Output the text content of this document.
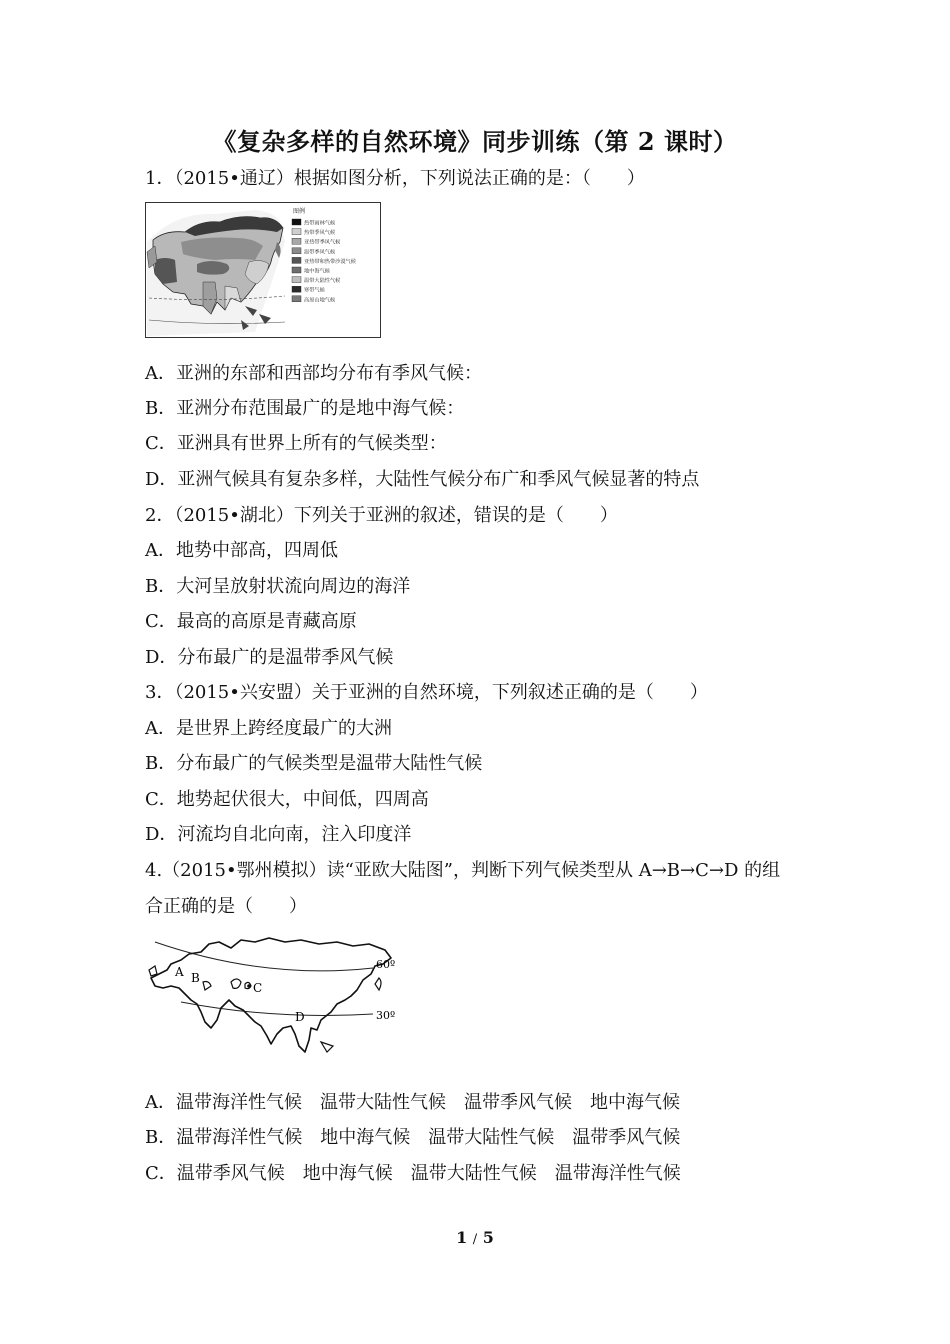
《复杂多样的自然环境》同步训练（第 2 课时）
1．（2015•通辽）根据如图分析，下列说法正确的是：（　　）
图例
热带雨林气候
热带季风气候
亚热带季风气候
温带季风气候
亚热带和热带沙漠气候
地中海气候
温带大陆性气候
寒带气候
高原山地气候
A．亚洲的东部和西部均分布有季风气候：
B．亚洲分布范围最广的是地中海气候：
C．亚洲具有世界上所有的气候类型：
D．亚洲气候具有复杂多样，大陆性气候分布广和季风气候显著的特点
2．（2015•湖北）下列关于亚洲的叙述，错误的是（　　）
A．地势中部高，四周低
B．大河呈放射状流向周边的海洋
C．最高的高原是青藏高原
D．分布最广的是温带季风气候
3．（2015•兴安盟）关于亚洲的自然环境，下列叙述正确的是（　　）
A．是世界上跨经度最广的大洲
B．分布最广的气候类型是温带大陆性气候
C．地势起伏很大，中间低，四周高
D．河流均自北向南，注入印度洋
4.（2015•鄂州模拟）读“亚欧大陆图”，判断下列气候类型从 A→B→C→D 的组
合正确的是（　　）
A B
C
D
60º
30º
A．温带海洋性气候　温带大陆性气候　温带季风气候　地中海气候
B．温带海洋性气候　地中海气候　温带大陆性气候　温带季风气候
C．温带季风气候　地中海气候　温带大陆性气候　温带海洋性气候
1 / 5
